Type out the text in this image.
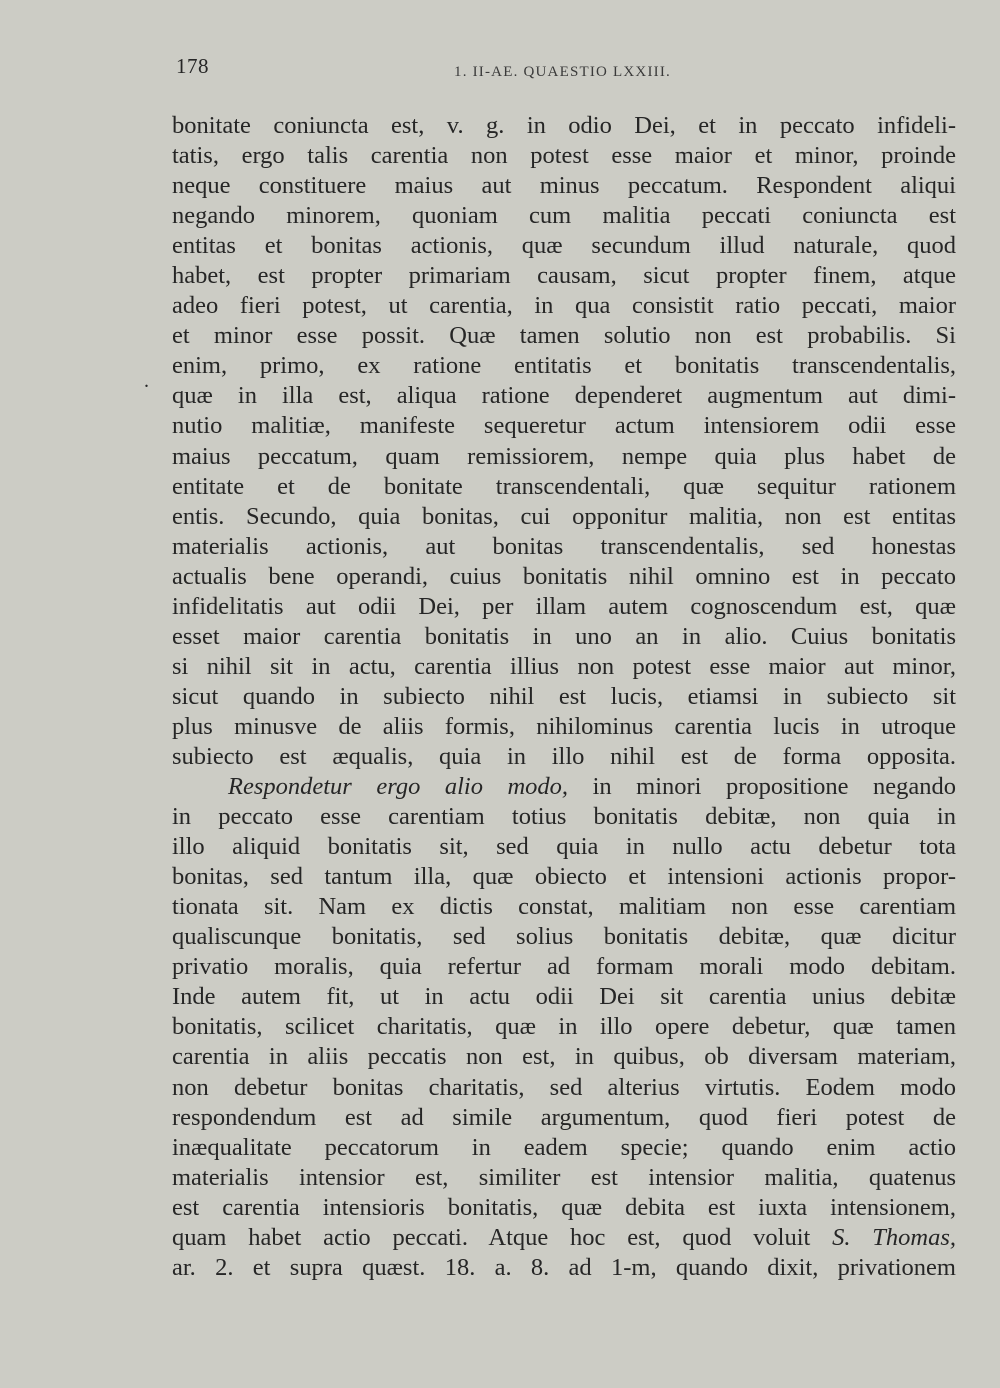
178	1. II-AE. QUAESTIO LXXIII.
.
bonitate coniuncta est, v. g. in odio Dei, et in peccato infideli-
tatis, ergo talis carentia non potest esse maior et minor, proinde
neque constituere maius aut minus peccatum. Respondent aliqui
negando minorem, quoniam cum malitia peccati coniuncta est
entitas et bonitas actionis, quæ secundum illud naturale, quod
habet, est propter primariam causam, sicut propter finem, atque
adeo fieri potest, ut carentia, in qua consistit ratio peccati, maior
et minor esse possit. Quæ tamen solutio non est probabilis. Si
enim, primo, ex ratione entitatis et bonitatis transcendentalis,
quæ in illa est, aliqua ratione dependeret augmentum aut dimi-
nutio malitiæ, manifeste sequeretur actum intensiorem odii esse
maius peccatum, quam remissiorem, nempe quia plus habet de
entitate et de bonitate transcendentali, quæ sequitur rationem
entis. Secundo, quia bonitas, cui opponitur malitia, non est entitas
materialis actionis, aut bonitas transcendentalis, sed honestas
actualis bene operandi, cuius bonitatis nihil omnino est in peccato
infidelitatis aut odii Dei, per illam autem cognoscendum est, quæ
esset maior carentia bonitatis in uno an in alio. Cuius bonitatis
si nihil sit in actu, carentia illius non potest esse maior aut minor,
sicut quando in subiecto nihil est lucis, etiamsi in subiecto sit
plus minusve de aliis formis, nihilominus carentia lucis in utroque
subiecto est æqualis, quia in illo nihil est de forma opposita.
Respondetur ergo alio modo, in minori propositione negando
in peccato esse carentiam totius bonitatis debitæ, non quia in
illo aliquid bonitatis sit, sed quia in nullo actu debetur tota
bonitas, sed tantum illa, quæ obiecto et intensioni actionis propor-
tionata sit. Nam ex dictis constat, malitiam non esse carentiam
qualiscunque bonitatis, sed solius bonitatis debitæ, quæ dicitur
privatio moralis, quia refertur ad formam morali modo debitam.
Inde autem fit, ut in actu odii Dei sit carentia unius debitæ
bonitatis, scilicet charitatis, quæ in illo opere debetur, quæ tamen
carentia in aliis peccatis non est, in quibus, ob diversam materiam,
non debetur bonitas charitatis, sed alterius virtutis. Eodem modo
respondendum est ad simile argumentum, quod fieri potest de
inæqualitate peccatorum in eadem specie; quando enim actio
materialis intensior est, similiter est intensior malitia, quatenus
est carentia intensioris bonitatis, quæ debita est iuxta intensionem,
quam habet actio peccati. Atque hoc est, quod voluit S. Thomas,
ar. 2. et supra quæst. 18. a. 8. ad 1-m, quando dixit, privationem
